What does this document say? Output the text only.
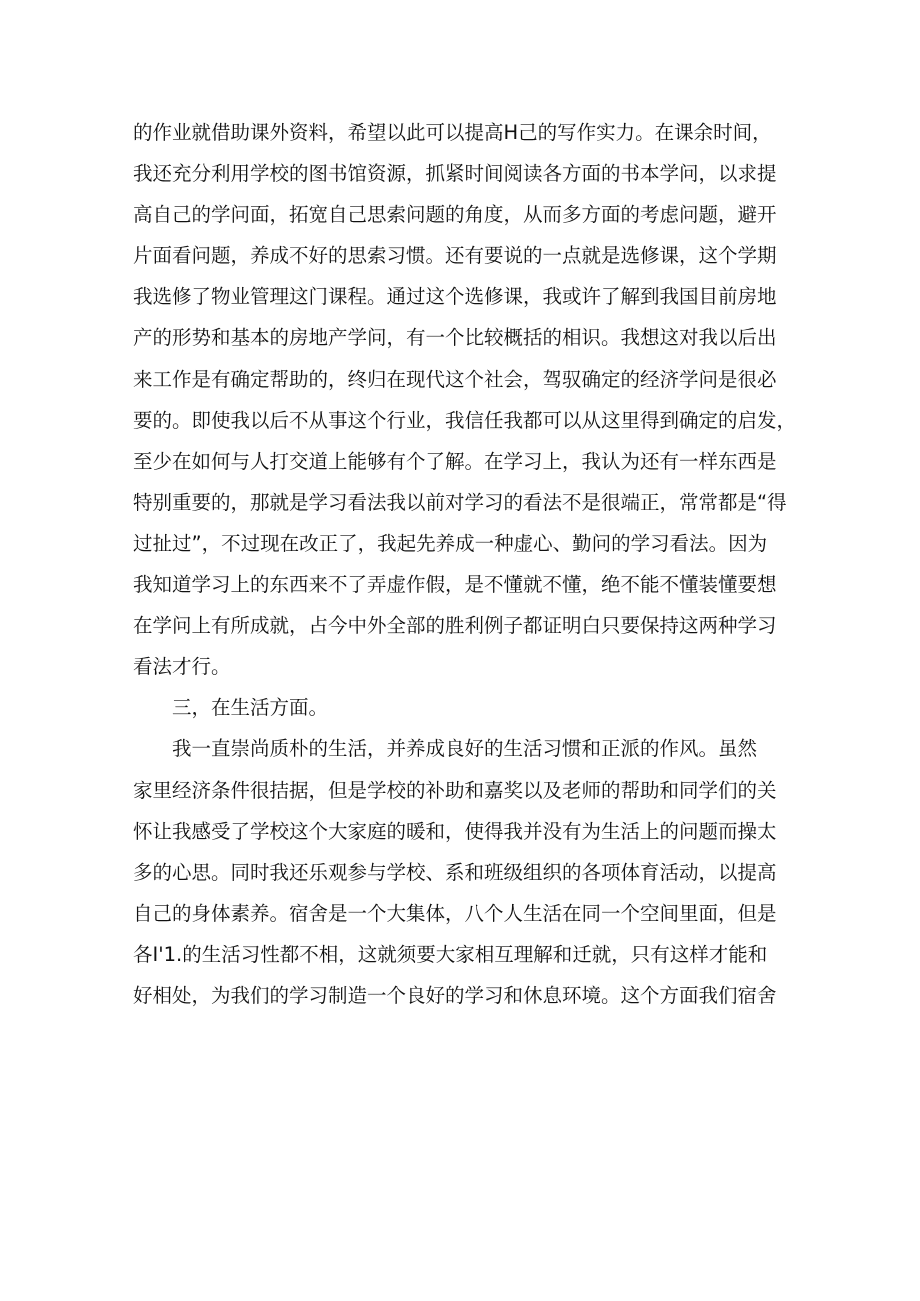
的作业就借助课外资料，希望以此可以提高H己的写作实力。在课余时间，
我还充分利用学校的图书馆资源，抓紧时间阅读各方面的书本学问，以求提
高自己的学问面，拓宽自己思索问题的角度，从而多方面的考虑问题，避开
片面看问题，养成不好的思索习惯。还有要说的一点就是选修课，这个学期
我选修了物业管理这门课程。通过这个选修课，我或许了解到我国目前房地
产的形势和基本的房地产学问，有一个比较概括的相识。我想这对我以后出
来工作是有确定帮助的，终归在现代这个社会，驾驭确定的经济学问是很必
要的。即使我以后不从事这个行业，我信任我都可以从这里得到确定的启发，
至少在如何与人打交道上能够有个了解。在学习上，我认为还有一样东西是
特别重要的，那就是学习看法我以前对学习的看法不是很端正，常常都是“得
过扯过”，不过现在改正了，我起先养成一种虚心、勤问的学习看法。因为
我知道学习上的东西来不了弄虚作假，是不懂就不懂，绝不能不懂装懂要想
在学问上有所成就，占今中外全部的胜利例子都证明白只要保持这两种学习
看法才行。
三，在生活方面。
我一直崇尚质朴的生活，并养成良好的生活习惯和正派的作风。虽然
家里经济条件很拮据，但是学校的补助和嘉奖以及老师的帮助和同学们的关
怀让我感受了学校这个大家庭的暖和，使得我并没有为生活上的问题而操太
多的心思。同时我还乐观参与学校、系和班级组织的各项体育活动，以提高
自己的身体素养。宿舍是一个大集体，八个人生活在同一个空间里面，但是
各I'1.的生活习性都不相，这就须要大家相互理解和迁就，只有这样才能和
好相处，为我们的学习制造一个良好的学习和休息环境。这个方面我们宿舍
